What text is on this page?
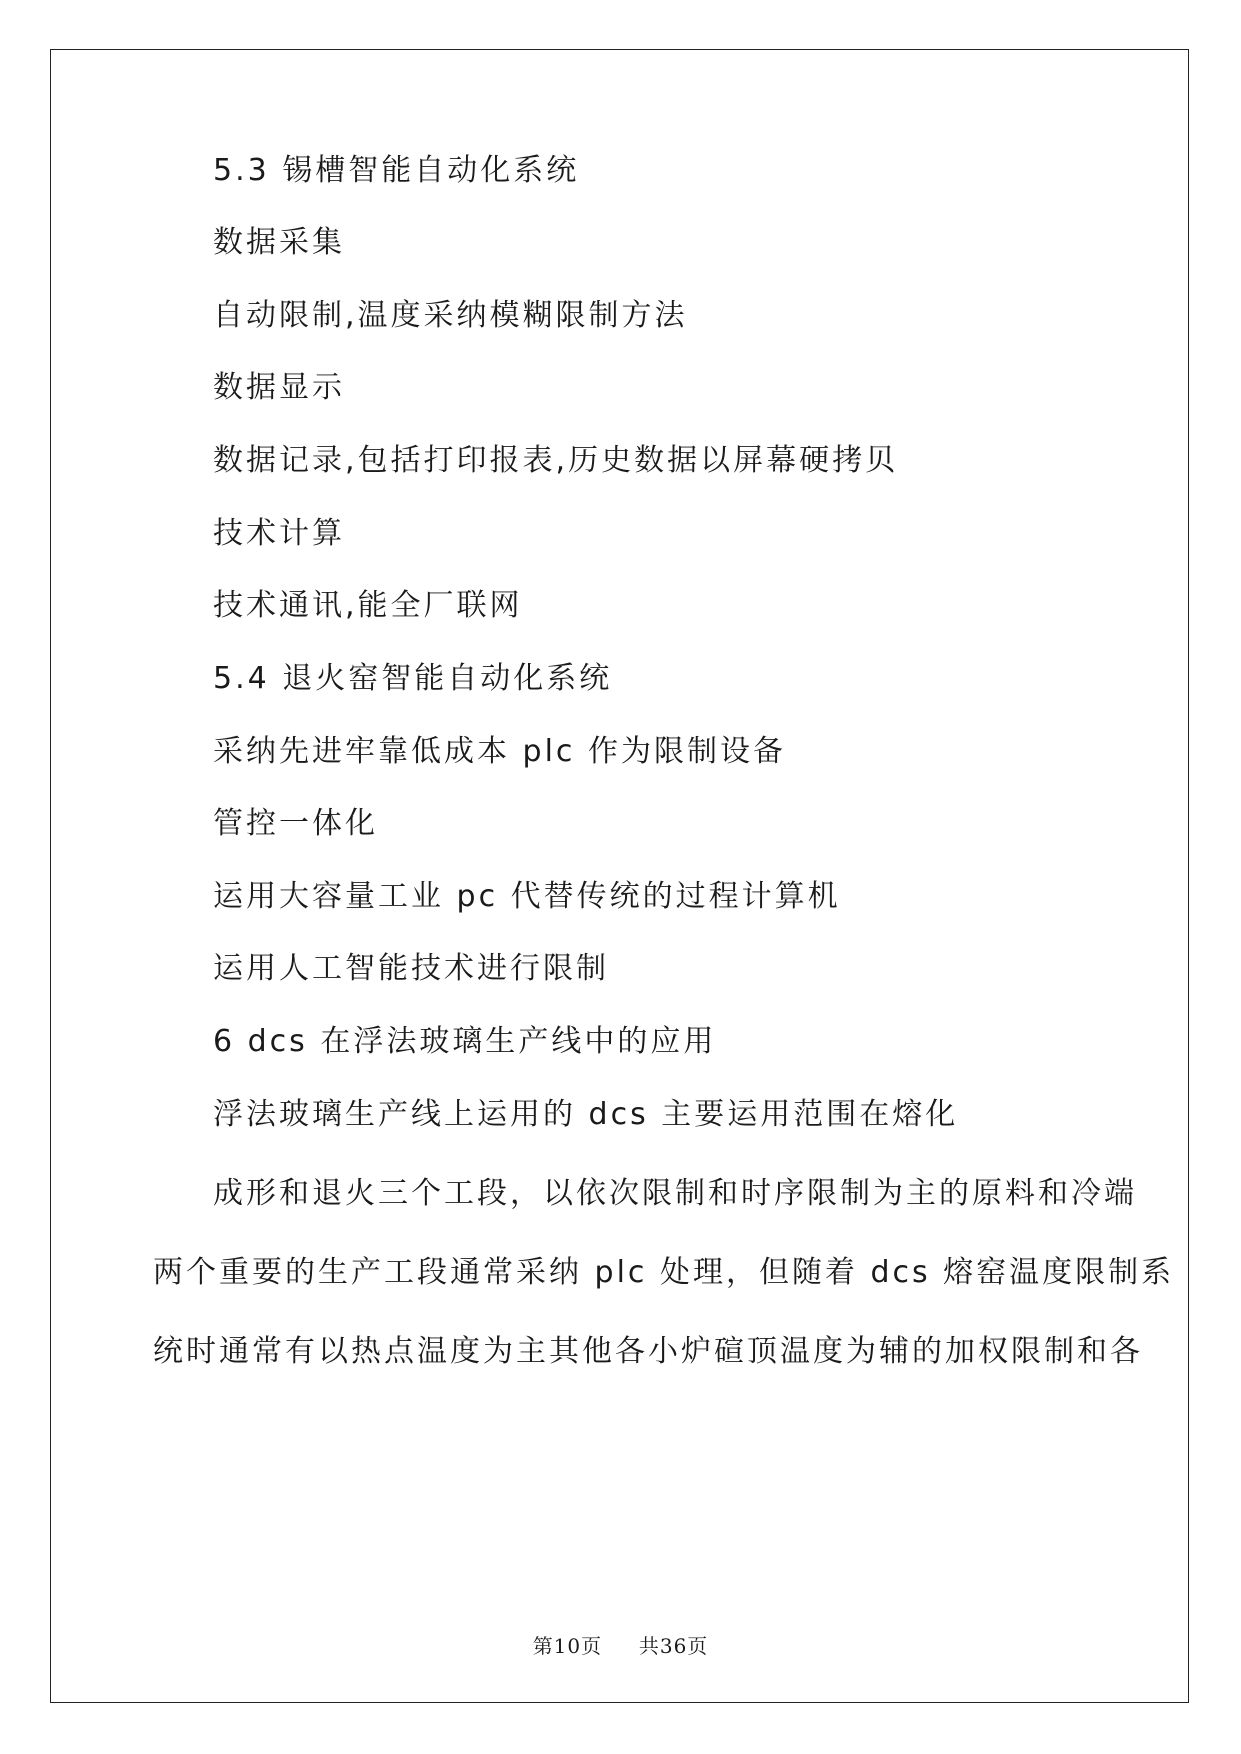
5.3 锡槽智能自动化系统
数据采集
自动限制,温度采纳模糊限制方法
数据显示
数据记录,包括打印报表,历史数据以屏幕硬拷贝
技术计算
技术通讯,能全厂联网
5.4 退火窑智能自动化系统
采纳先进牢靠低成本 plc 作为限制设备
管控一体化
运用大容量工业 pc 代替传统的过程计算机
运用人工智能技术进行限制
6 dcs 在浮法玻璃生产线中的应用
浮法玻璃生产线上运用的 dcs 主要运用范围在熔化
成形和退火三个工段，以依次限制和时序限制为主的原料和冷端
两个重要的生产工段通常采纳 plc 处理，但随着 dcs 熔窑温度限制系
统时通常有以热点温度为主其他各小炉碹顶温度为辅的加权限制和各
第10页 共36页
